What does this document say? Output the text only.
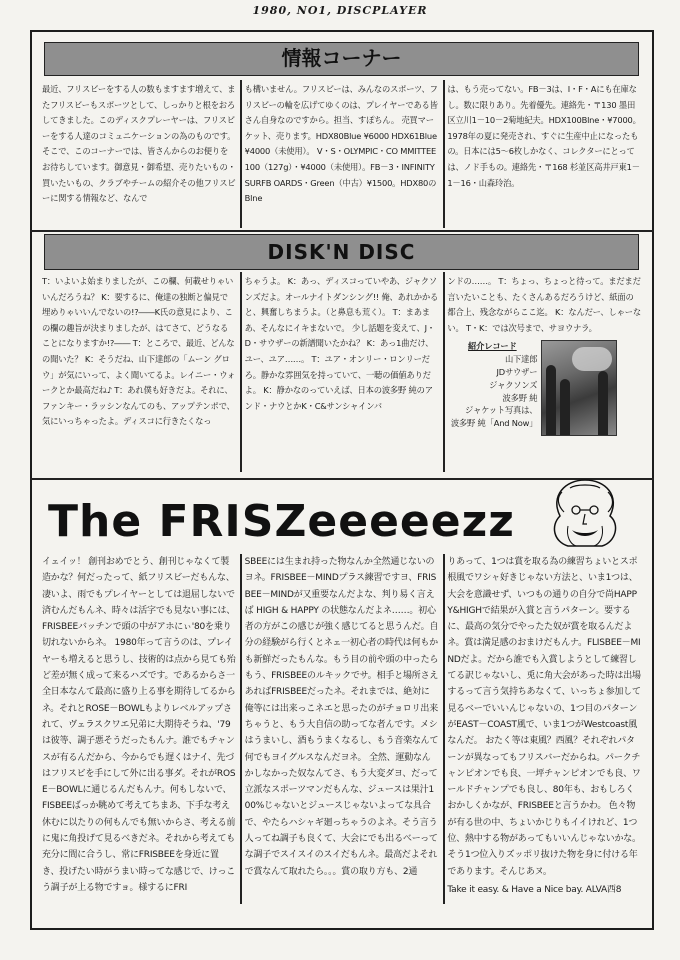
1980, NO1, DISCPLAYER
情報コーナー
最近、フリスビーをする人の数もますます増えて、またフリスビーもスポーツとして、しっかりと根をおろしてきました。このディスクプレーヤーは、フリスビーをする人達のコミュニケーションの為のものです。そこで、このコーナーでは、皆さんからのお便りをお待ちしています。御意見・御希望、売りたいもの・買いたいもの、クラブやチームの紹介その他フリスビーに関する情報など、なんで
も構いません。フリスビーは、みんなのスポーツ、フリスビーの輪を広げてゆくのは、プレイヤーである皆さん自身なのですから。担当、すぽちん。 売買マーケット、売ります。HDX80Blue ¥6000 HDX61Blue ¥4000（未使用）。 V・S・OLYMPIC・CO MMITTEE 100（127g）・¥4000（未使用）。FB－3・INFINITYSURFB OARDS・Green（中古）¥1500。HDX80のBlne
は、もう売ってない。FB－3は、I・F・Aにも在庫なし。数に限りあり。先着優先。連絡先・〒130 墨田区立川1－10－2菊地紀夫。HDX100Blne・¥7000。1978年の夏に発売され、すぐに生産中止になったもの。日本には5～6枚しかなく、コレクターにとっては、ノド手もの。連絡先・〒168 杉並区高井戸東1－1－16・山森玲治。
DISK'N DISC
T：いよいよ始まりましたが、この欄、何載せりゃいいんだろうね？ K：要するに、俺達の独断と偏見で埋めりゃいいんでないの!?――K氏の意見により、この欄の趣旨が決まりましたが、はてさて、どうなることになりますか!?―― T：ところで、最近、どんなの聞いた？ K：そうだね、山下達郎の「ムーン グロウ」が気にいって、よく聞いてるよ。レイニー・ウォークとか最高だね♪ T：あれ僕も好きだよ。それに、ファンキー・ラッシンなんてのも、アップテンポで、気にいっちゃったよ。ディスコに行きたくなっ
ちゃうよ。 K：あっ、ディスコっていやあ、ジャクソンズだよ。オールナイトダンシング!! 俺、あれかかると、興奮しちまうよ。（と鼻息も荒く）。 T：まあまあ、そんなにイキまないで。 少し話題を変えて、J・D・サウザーの新譜聞いたかね？ K：あっ1曲だけ、ユー、ユア……。 T：ユア・オンリー・ロンリーだろ。静かな雰囲気を持っていて、一聴の価値ありだよ。 K：静かなのっていえば、日本の波多野 純のアンド・ナウとかK・C&サンシャインバ
ンドの……。 T：ちょっ、ちょっと待って。まだまだ言いたいことも、たくさんあるだろうけど、紙面の都合上、残念ながらここ迄。 K：なんだー、しゃーない。 T・K：では次号まで、サヨウナラ。
紹介レコード
山下達郎
JDサウザー
ジャクソンズ
波多野 純
ジャケット写真は、
波多野 純「And Now」
The FRISZeeeeezz
イェイッ！ 創刊おめでとう、創刊じゃなくて製造かな？何だったって、紙フリスビーだもんな、凄いよ、雨でもプレイヤーとしては退屈しないで済むんだもんネ、時々は活字でも見ない事には、FRISBEEバッチンで頭の中がアホにぃ'80を乗り切れないからネ。 1980年って言うのは、プレイヤーも増えると思うし、技術的は点から見ても殆ど差が無く成って来るハズです。であるからさ一全日本なんて最高に盛り上る事を期待してるからネ。それとROSE－BOWLもよりレベルアップされて、ヴェラスクワエ兄弟に大期待そうね、'79は彼等、調子悪そうだったもんナ。誰でもチャンスが有るんだから、今からでも遅くはナイ、先づはフリスビを手にして外に出る事ダ。それがROSE－BOWLに通じるんだもんナ。何もしないで、FISBEEばっか眺めて考えてちまあ、下手な考え休むに以たりの何もんでも無いからさ、考える前に鬼に角投げて見るべきだネ。それから考えても充分に間に合うし、常にFRISBEEを身近に置き、投げたい時がうまい時ってな感じで、けっこう調子が上る物ですョ。様するにFRI
SBEEには生まれ持った物なんか全然通じないのヨネ。FRISBEE－MINDプラス練習ですヨ、FRISBEE－MINDが又重要なんだよな、判り易く言えば HIGH & HAPPY の状態なんだよネ……。初心者の方がこの感じが強く感じてると思うんだ。自分の経験がら行くとネェ一初心者の時代は何もかも新鮮だったもんな。もう目の前や頭の中ったらもう、FRISBEEのルキックでサ。相手と場所さえあればFRISBEEだったネ。それまでは、絶対に俺等には出来っこネエと思ったのがチョロリ出来ちゃうと、もう大自信の助ってな者んです。メシはうまいし、酒もうまくなるし、もう音楽なんて何でもヨイグルスなんだヨネ。 全然、運動なんかしなかった奴なんてさ、もう大変ダヨ、だって立派なスポーツマンだもんな、ジュースは果汁100%じゃないとジュースじゃないよってな具合で、やたらハシャギ廻っちゃうのよネ。そう言う人ってね調子も良くて、大会にでも出るべーってな調子でスイスイのスイだもんネ。最高だよそれで賞なんて取れたら。。。賞の取り方も、2通
りあって、1つは賞を取る為の練習ちょいとスポ根風でワシャ好きじゃない方法と、いま1つは、大会を意識せず、いつもの通りの自分で尚HAPPY&HIGHで結果が入賞と言うパターン。要するに、最高の気分でやったた奴が賞を取るんだよネ。賞は満足感のおまけだもんナ。FLISBEE－MINDだよ。だから誰でも入賞しようとして練習してる訳じゃないし、兎に角大会があった時は出場するって言う気持ちあなくて、いっちょ参加して見るベーでいいんじゃないの、1つ目のパターンがEAST－COAST風で、いま1つがWestcoast風なんだ。 おたく等は東風？西風？それぞれパターンが異なってもフリスバーだからね。パークチャンピオンでも良、一坪チャンピオンでも良、ワールドチャンプでも良し、80年も、おもしろくおかしくかなが、FRISBEEと言うかわ。 色々物が有る世の中、ちょいかじりもイイけれど、1つ位、熱中する物があってもいいんじゃないかな。そう1つ位入りズッポリ抜けた物を身に付ける年であります。そんじあヌ。
Take it easy. & Have a Nice bay. ALVA西8
